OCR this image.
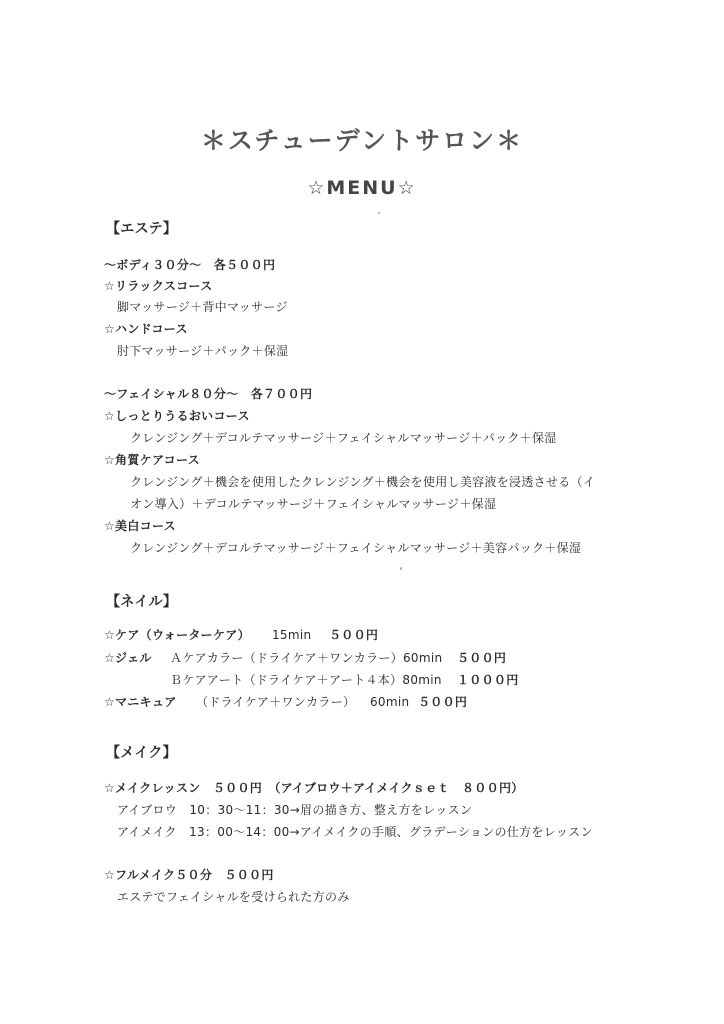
＊スチューデントサロン＊
☆MENU☆
【エステ】
～ボディ３０分～　各５００円
☆リラックスコース
脚マッサージ＋背中マッサージ
☆ハンドコース
肘下マッサージ＋パック＋保湿
～フェイシャル８０分～　各７００円
☆しっとりうるおいコース
クレンジング＋デコルテマッサージ＋フェイシャルマッサージ＋パック＋保湿
☆角質ケアコース
クレンジング＋機会を使用したクレンジング＋機会を使用し美容液を浸透させる（イ
オン導入）＋デコルテマッサージ＋フェイシャルマッサージ＋保湿
☆美白コース
クレンジング＋デコルテマッサージ＋フェイシャルマッサージ＋美容パック＋保湿
【ネイル】
☆ケア（ウォーターケア） 15min ５００円
☆ジェル Ａケアカラー（ドライケア＋ワンカラー）60min ５００円
Ｂケアアート（ドライケア＋アート４本）80min １０００円
☆マニキュア （ドライケア＋ワンカラー） 60min ５００円
【メイク】
☆メイクレッスン　５００円　（アイブロウ＋アイメイクｓｅｔ　８００円）
アイブロウ　10：30～11：30→眉の描き方、整え方をレッスン
アイメイク　13：00～14：00→アイメイクの手順、グラデーションの仕方をレッスン
☆フルメイク５０分　５００円
エステでフェイシャルを受けられた方のみ
